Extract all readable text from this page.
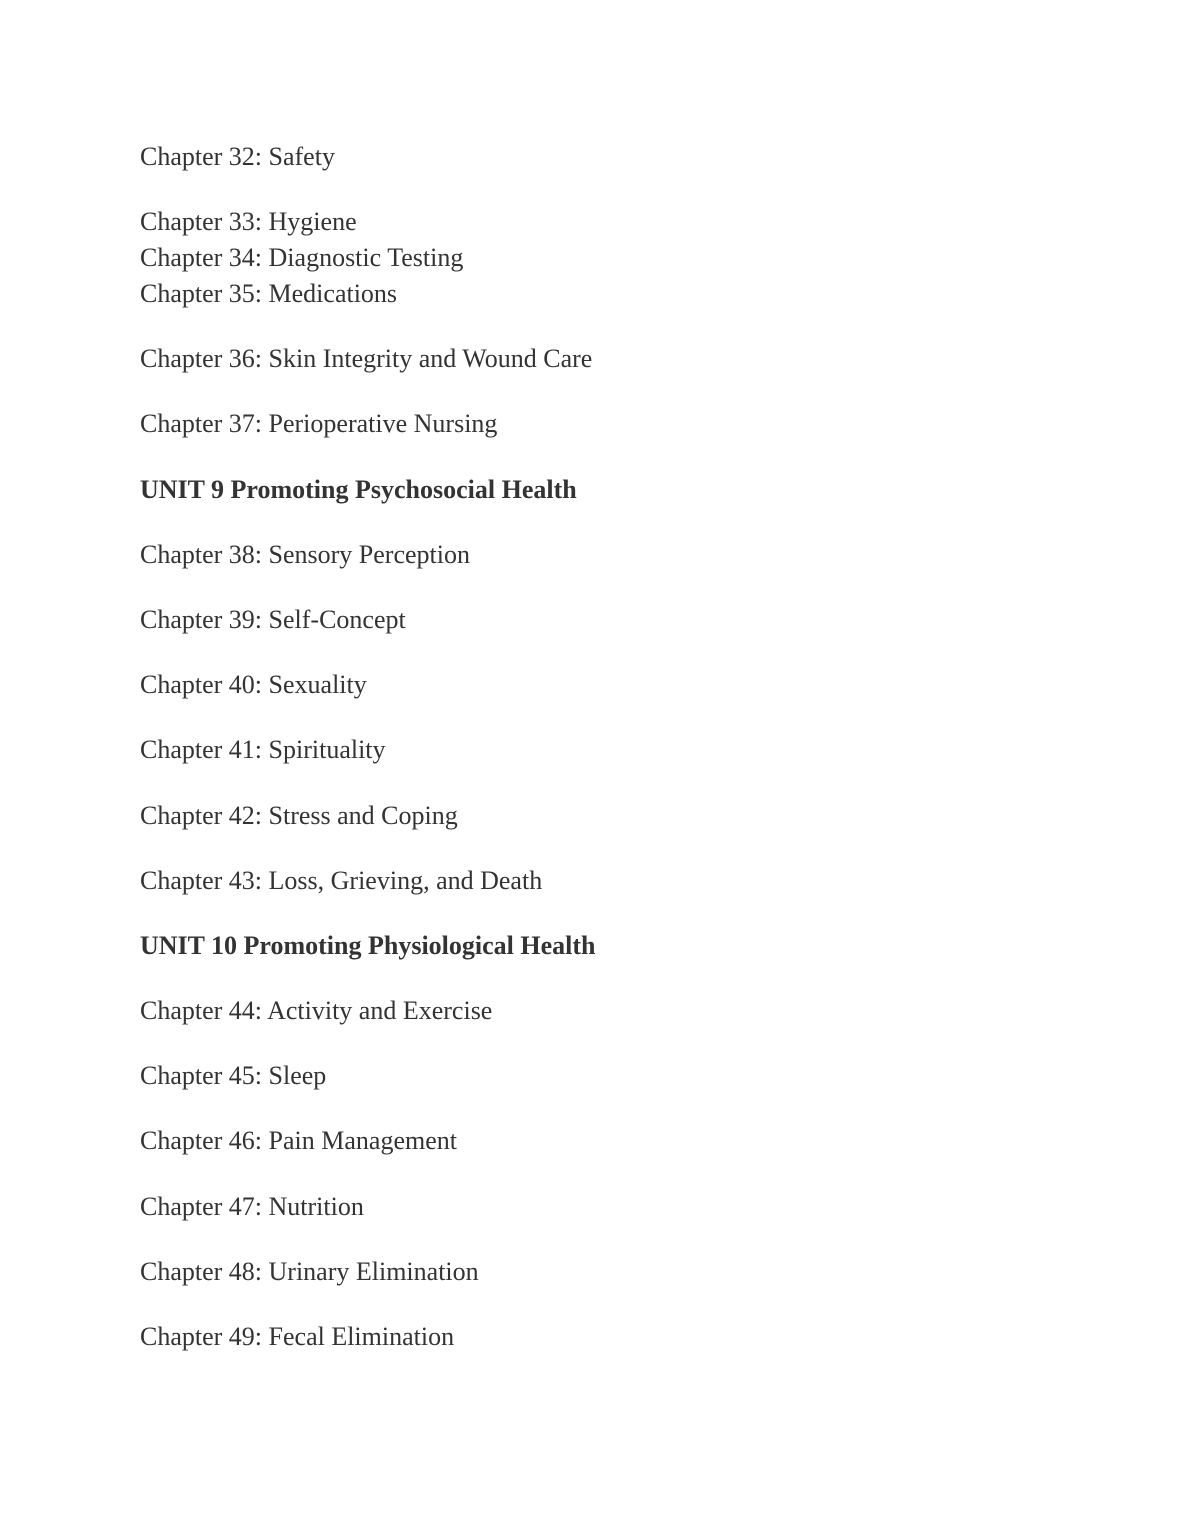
Chapter 32: Safety
Chapter 33: Hygiene
Chapter 34: Diagnostic Testing
Chapter 35: Medications
Chapter 36: Skin Integrity and Wound Care
Chapter 37: Perioperative Nursing
UNIT 9 Promoting Psychosocial Health
Chapter 38: Sensory Perception
Chapter 39: Self-Concept
Chapter 40: Sexuality
Chapter 41: Spirituality
Chapter 42: Stress and Coping
Chapter 43: Loss, Grieving, and Death
UNIT 10 Promoting Physiological Health
Chapter 44: Activity and Exercise
Chapter 45: Sleep
Chapter 46: Pain Management
Chapter 47: Nutrition
Chapter 48: Urinary Elimination
Chapter 49: Fecal Elimination
